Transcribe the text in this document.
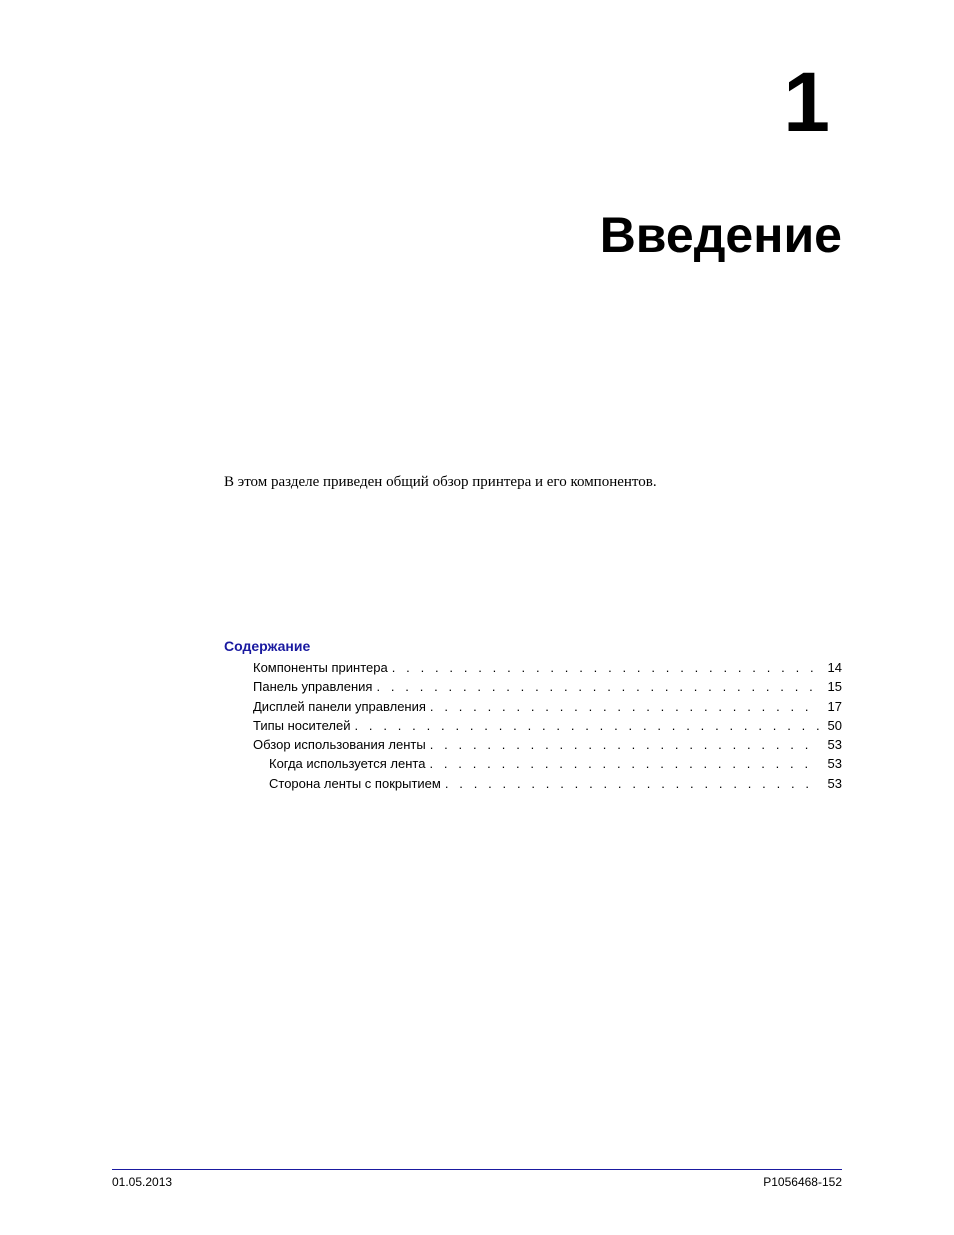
1
Введение

В этом разделе приведен общий обзор принтера и его компонентов.

Содержание
Компоненты принтера . . .	14
Панель управления . . .	15
Дисплей панели управления . . .	17
Типы носителей . . .	50
Обзор использования ленты . . .	53
Когда используется лента . . .	53
Сторона ленты с покрытием . . .	53

01.05.2013	P1056468-152
